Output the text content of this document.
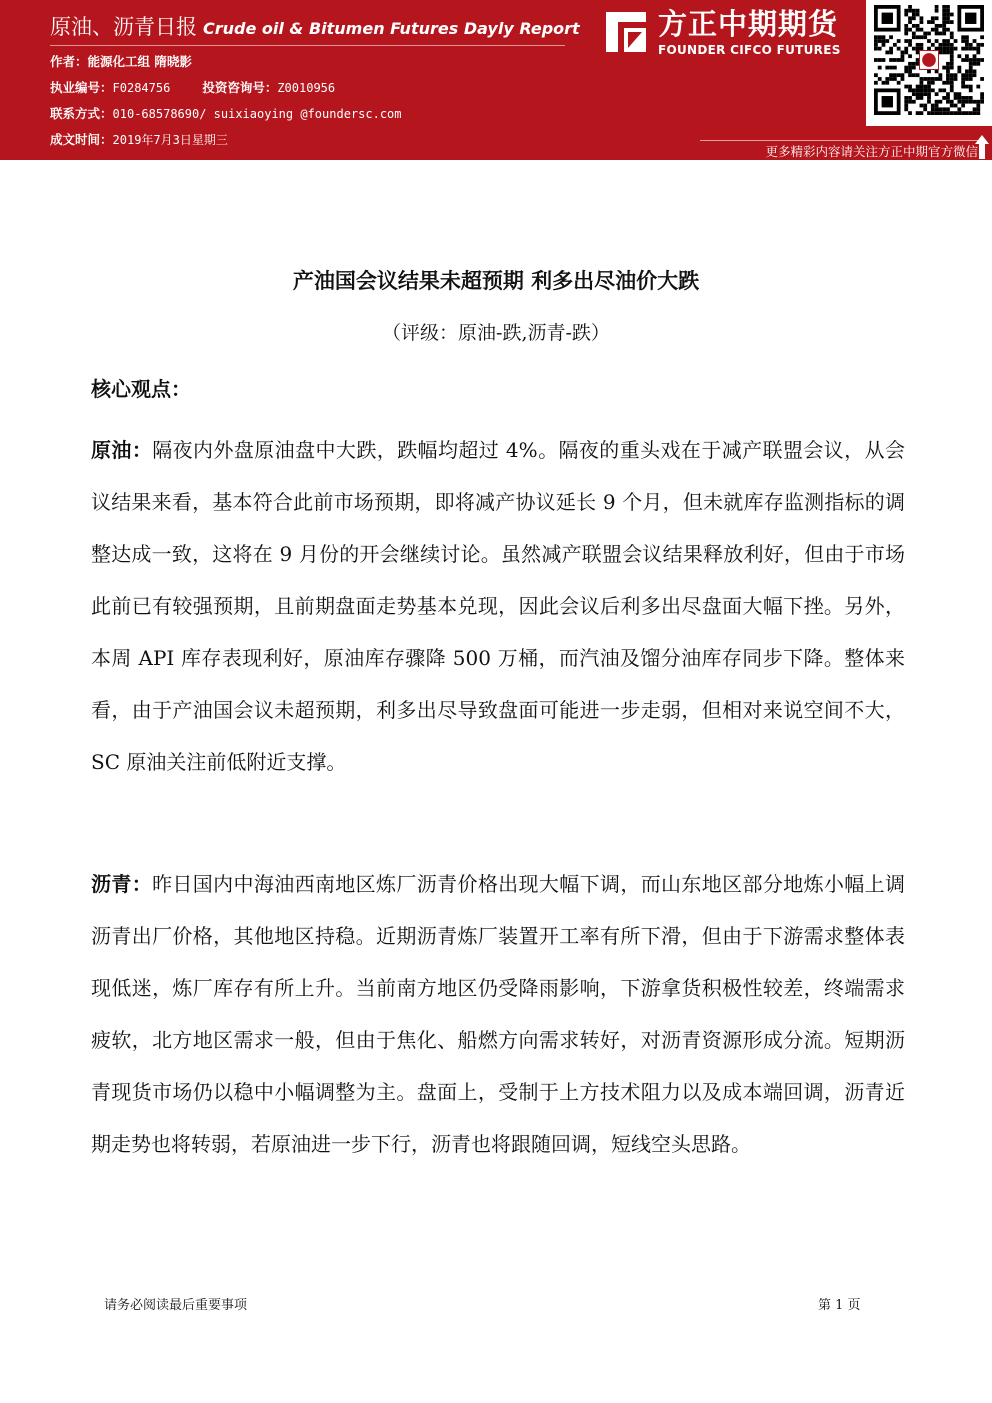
原油、沥青日报 Crude oil & Bitumen Futures Dayly Report
作者：能源化工组 隋晓影
执业编号：F0284756	投资咨询号：Z0010956
联系方式：010-68578690/ suixiaoying @foundersc.com
成文时间：2019年7月3日星期三
方正中期期货
FOUNDER CIFCO FUTURES
更多精彩内容请关注方正中期官方微信
产油国会议结果未超预期 利多出尽油价大跌
（评级：原油-跌,沥青-跌）
核心观点：

原油：隔夜内外盘原油盘中大跌，跌幅均超过 4%。隔夜的重头戏在于减产联盟会议，从会议结果来看，基本符合此前市场预期，即将减产协议延长 9 个月，但未就库存监测指标的调整达成一致，这将在 9 月份的开会继续讨论。虽然减产联盟会议结果释放利好，但由于市场此前已有较强预期，且前期盘面走势基本兑现，因此会议后利多出尽盘面大幅下挫。另外，本周 API 库存表现利好，原油库存骤降 500 万桶，而汽油及馏分油库存同步下降。整体来看，由于产油国会议未超预期，利多出尽导致盘面可能进一步走弱，但相对来说空间不大，SC 原油关注前低附近支撑。

沥青：昨日国内中海油西南地区炼厂沥青价格出现大幅下调，而山东地区部分地炼小幅上调沥青出厂价格，其他地区持稳。近期沥青炼厂装置开工率有所下滑，但由于下游需求整体表现低迷，炼厂库存有所上升。当前南方地区仍受降雨影响，下游拿货积极性较差，终端需求疲软，北方地区需求一般，但由于焦化、船燃方向需求转好，对沥青资源形成分流。短期沥青现货市场仍以稳中小幅调整为主。盘面上，受制于上方技术阻力以及成本端回调，沥青近期走势也将转弱，若原油进一步下行，沥青也将跟随回调，短线空头思路。

请务必阅读最后重要事项	第 1 页
